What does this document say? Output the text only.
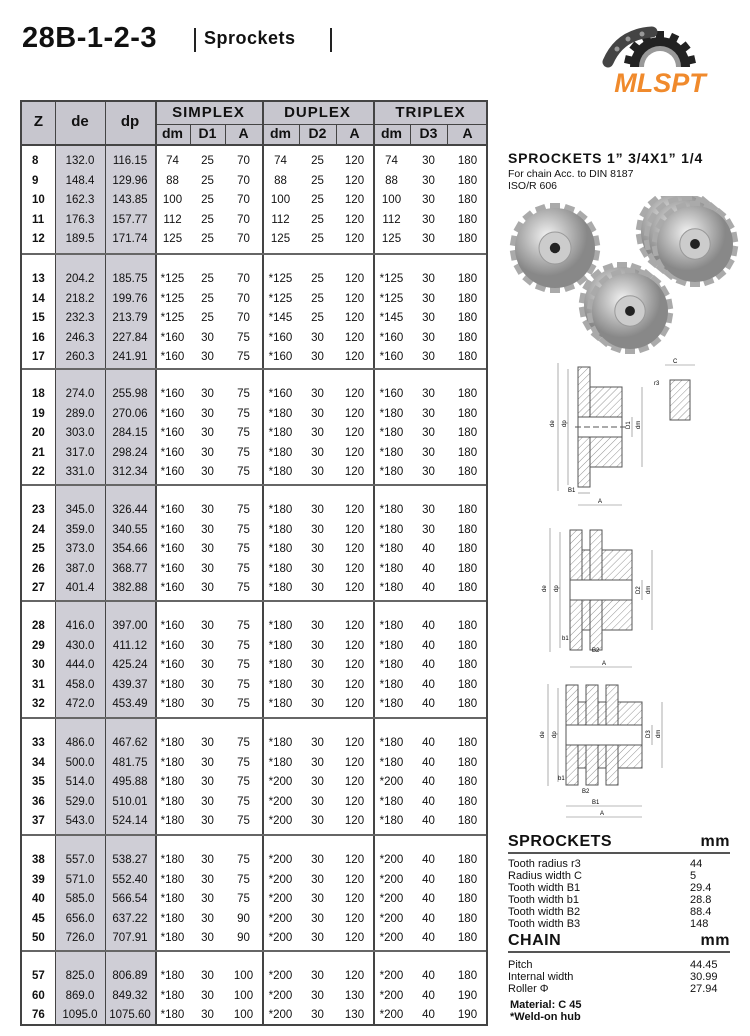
28B-1-2-3	Sprockets
MLSPT
Z	de	dp
SIMPLEX	DUPLEX	TRIPLEX
dm	D1	A	dm	D2	A	dm	D3	A
8	132.0	116.15	74	25	70	74	25	120	74	30	180
9	148.4	129.96	88	25	70	88	25	120	88	30	180
10	162.3	143.85	100	25	70	100	25	120	100	30	180
11	176.3	157.77	112	25	70	112	25	120	112	30	180
12	189.5	171.74	125	25	70	125	25	120	125	30	180
13	204.2	185.75	*125	25	70	*125	25	120	*125	30	180
14	218.2	199.76	*125	25	70	*125	25	120	*125	30	180
15	232.3	213.79	*125	25	70	*145	25	120	*145	30	180
16	246.3	227.84	*160	30	75	*160	30	120	*160	30	180
17	260.3	241.91	*160	30	75	*160	30	120	*160	30	180
18	274.0	255.98	*160	30	75	*160	30	120	*160	30	180
19	289.0	270.06	*160	30	75	*180	30	120	*180	30	180
20	303.0	284.15	*160	30	75	*180	30	120	*180	30	180
21	317.0	298.24	*160	30	75	*180	30	120	*180	30	180
22	331.0	312.34	*160	30	75	*180	30	120	*180	30	180
23	345.0	326.44	*160	30	75	*180	30	120	*180	30	180
24	359.0	340.55	*160	30	75	*180	30	120	*180	30	180
25	373.0	354.66	*160	30	75	*180	30	120	*180	40	180
26	387.0	368.77	*160	30	75	*180	30	120	*180	40	180
27	401.4	382.88	*160	30	75	*180	30	120	*180	40	180
28	416.0	397.00	*160	30	75	*180	30	120	*180	40	180
29	430.0	411.12	*160	30	75	*180	30	120	*180	40	180
30	444.0	425.24	*160	30	75	*180	30	120	*180	40	180
31	458.0	439.37	*180	30	75	*180	30	120	*180	40	180
32	472.0	453.49	*180	30	75	*180	30	120	*180	40	180
33	486.0	467.62	*180	30	75	*180	30	120	*180	40	180
34	500.0	481.75	*180	30	75	*180	30	120	*180	40	180
35	514.0	495.88	*180	30	75	*200	30	120	*200	40	180
36	529.0	510.01	*180	30	75	*200	30	120	*180	40	180
37	543.0	524.14	*180	30	75	*200	30	120	*180	40	180
38	557.0	538.27	*180	30	75	*200	30	120	*200	40	180
39	571.0	552.40	*180	30	75	*200	30	120	*200	40	180
40	585.0	566.54	*180	30	75	*200	30	120	*200	40	180
45	656.0	637.22	*180	30	90	*200	30	120	*200	40	180
50	726.0	707.91	*180	30	90	*200	30	120	*200	40	180
57	825.0	806.89	*180	30	100	*200	30	120	*200	40	180
60	869.0	849.32	*180	30	100	*200	30	130	*200	40	190
76	1095.0	1075.60 *180	30	100	*200	30	130	*200	40	190
SPROCKETS 1” 3/4X1” 1/4
For chain Acc. to DIN 8187
ISO/R 606
de dp	D1 dm
B1
A
C
r3
de dp	D2 dm
b1
B2
A
de dp	D3 dm
b1
B2
B1
A
SPROCKETS	mm
Tooth radius r3	44
Radius width C	5
Tooth width B1	29.4
Tooth width b1	28.8
Tooth width B2	88.4
Tooth width B3	148
CHAIN	mm
Pitch	44.45
Internal width	30.99
Roller Φ	27.94
Material: C 45
*Weld-on hub
